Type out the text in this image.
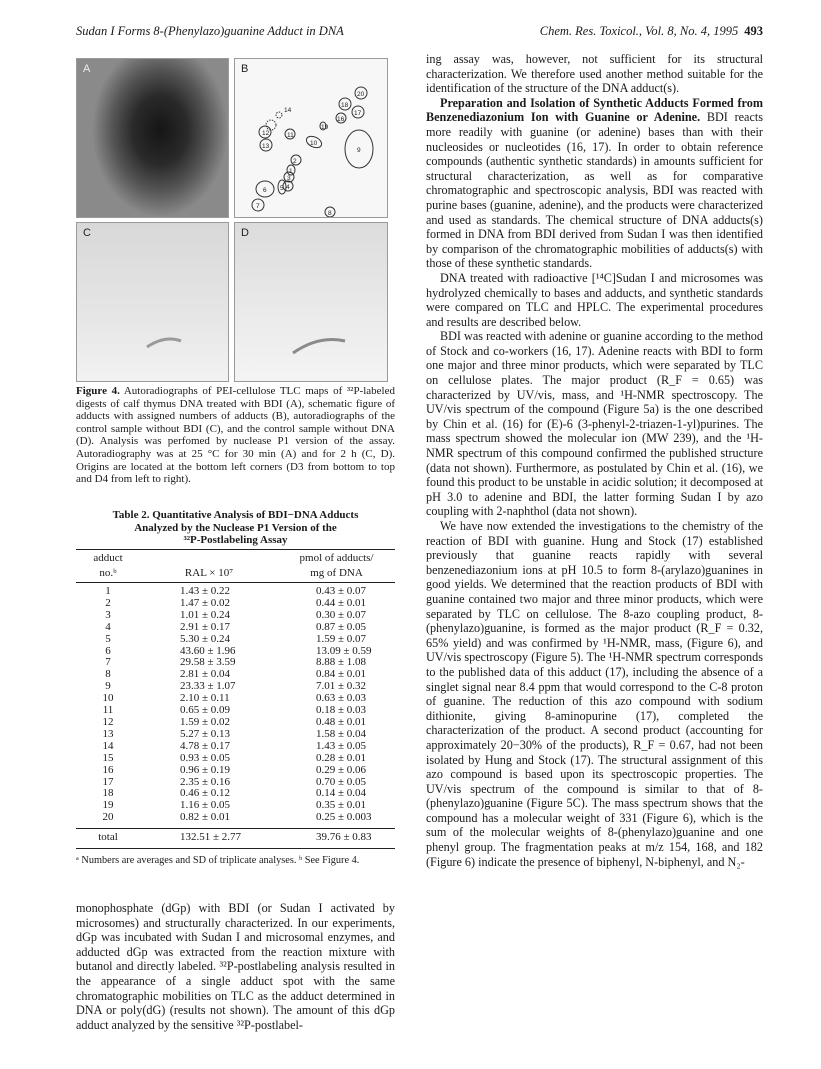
Sudan I Forms 8-(Phenylazo)guanine Adduct in DNA	Chem. Res. Toxicol., Vol. 8, No. 4, 1995 493
A	B
14
12
13
11
10
19
20
18
17
16
9
1
2
3
4
5
6
7
8
C	D
Figure 4. Autoradiographs of PEI-cellulose TLC maps of ³²P-labeled digests of calf thymus DNA treated with BDI (A), schematic figure of adducts with assigned numbers of adducts (B), autoradiographs of the control sample without BDI (C), and the control sample without DNA (D). Analysis was perfomed by nuclease P1 version of the assay. Autoradiography was at 25 °C for 30 min (A) and for 2 h (C, D). Origins are located at the bottom left corners (D3 from bottom to top and D4 from left to right).
Table 2. Quantitative Analysis of BDI−DNA Adducts
Analyzed by the Nuclease P1 Version of the
³²P-Postlabeling Assay
adduct		pmol of adducts/
no.ᵇ	RAL × 10⁷	mg of DNA
1	1.43 ± 0.22	0.43 ± 0.07
2	1.47 ± 0.02	0.44 ± 0.01
3	1.01 ± 0.24	0.30 ± 0.07
4	2.91 ± 0.17	0.87 ± 0.05
5	5.30 ± 0.24	1.59 ± 0.07
6	43.60 ± 1.96	13.09 ± 0.59
7	29.58 ± 3.59	8.88 ± 1.08
8	2.81 ± 0.04	0.84 ± 0.01
9	23.33 ± 1.07	7.01 ± 0.32
10	2.10 ± 0.11	0.63 ± 0.03
11	0.65 ± 0.09	0.18 ± 0.03
12	1.59 ± 0.02	0.48 ± 0.01
13	5.27 ± 0.13	1.58 ± 0.04
14	4.78 ± 0.17	1.43 ± 0.05
15	0.93 ± 0.05	0.28 ± 0.01
16	0.96 ± 0.19	0.29 ± 0.06
17	2.35 ± 0.16	0.70 ± 0.05
18	0.46 ± 0.12	0.14 ± 0.04
19	1.16 ± 0.05	0.35 ± 0.01
20	0.82 ± 0.01	0.25 ± 0.003
total	132.51 ± 2.77	39.76 ± 0.83
ᵃ Numbers are averages and SD of triplicate analyses. ᵇ See Figure 4.
monophosphate (dGp) with BDI (or Sudan I activated by microsomes) and structurally characterized. In our experiments, dGp was incubated with Sudan I and microsomal enzymes, and adducted dGp was extracted from the reaction mixture with butanol and directly labeled. ³²P-postlabeling analysis resulted in the appearance of a single adduct spot with the same chromatographic mobilities on TLC as the adduct determined in DNA or poly(dG) (results not shown). The amount of this dGp adduct analyzed by the sensitive ³²P-postlabel-

ing assay was, however, not sufficient for its structural characterization. We therefore used another method suitable for the identification of the structure of the DNA adduct(s).

Preparation and Isolation of Synthetic Adducts Formed from Benzenediazonium Ion with Guanine or Adenine. BDI reacts more readily with guanine (or adenine) bases than with their nucleosides or nucleotides (16, 17). In order to obtain reference compounds (authentic synthetic standards) in amounts sufficient for structural characterization, as well as for comparative chromatographic and spectroscopic analysis, BDI was reacted with purine bases (guanine, adenine), and the products were characterized and used as standards. The chemical structure of DNA adducts(s) formed in DNA from BDI derived from Sudan I was then identified by comparison of the chromatographic mobilities of adducts(s) with those of these synthetic standards.

DNA treated with radioactive [¹⁴C]Sudan I and microsomes was hydrolyzed chemically to bases and adducts, and synthetic standards were compared on TLC and HPLC. The experimental procedures and results are described below.

BDI was reacted with adenine or guanine according to the method of Stock and co-workers (16, 17). Adenine reacts with BDI to form one major and three minor products, which were separated by TLC on cellulose plates. The major product (R_F = 0.65) was characterized by UV/vis, mass, and ¹H-NMR spectroscopy. The UV/vis spectrum of the compound (Figure 5a) is the one described by Chin et al. (16) for (E)-6 (3-phenyl-2-triazen-1-yl)purines. The mass spectrum showed the molecular ion (MW 239), and the ¹H-NMR spectrum of this compound confirmed the published structure (data not shown). Furthermore, as postulated by Chin et al. (16), we found this product to be unstable in acidic solution; it decomposed at pH 3.0 to adenine and BDI, the latter forming Sudan I by azo coupling with 2-naphthol (data not shown).

We have now extended the investigations to the chemistry of the reaction of BDI with guanine. Hung and Stock (17) established previously that guanine reacts rapidly with several benzenediazonium ions at pH 10.5 to form 8-(arylazo)guanines in good yields. We determined that the reaction products of BDI with guanine contained two major and three minor products, which were separated by TLC on cellulose. The 8-azo coupling product, 8-(phenylazo)guanine, is formed as the major product (R_F = 0.32, 65% yield) and was confirmed by ¹H-NMR, mass, (Figure 6), and UV/vis spectroscopy (Figure 5). The ¹H-NMR spectrum corresponds to the published data of this adduct (17), including the absence of a singlet signal near 8.4 ppm that would correspond to the C-8 proton of guanine. The reduction of this azo compound with sodium dithionite, giving 8-aminopurine (17), completed the characterization of the product. A second product (accounting for approximately 20−30% of the products), R_F = 0.67, had not been isolated by Hung and Stock (17). The structural assignment of this azo compound is based upon its spectroscopic properties. The UV/vis spectrum of the compound is similar to that of 8-(phenylazo)guanine (Figure 5C). The mass spectrum shows that the compound has a molecular weight of 331 (Figure 6), which is the sum of the molecular weights of 8-(phenylazo)guanine and one phenyl group. The fragmentation peaks at m/z 154, 168, and 182 (Figure 6) indicate the presence of biphenyl, N-biphenyl, and N₂-
